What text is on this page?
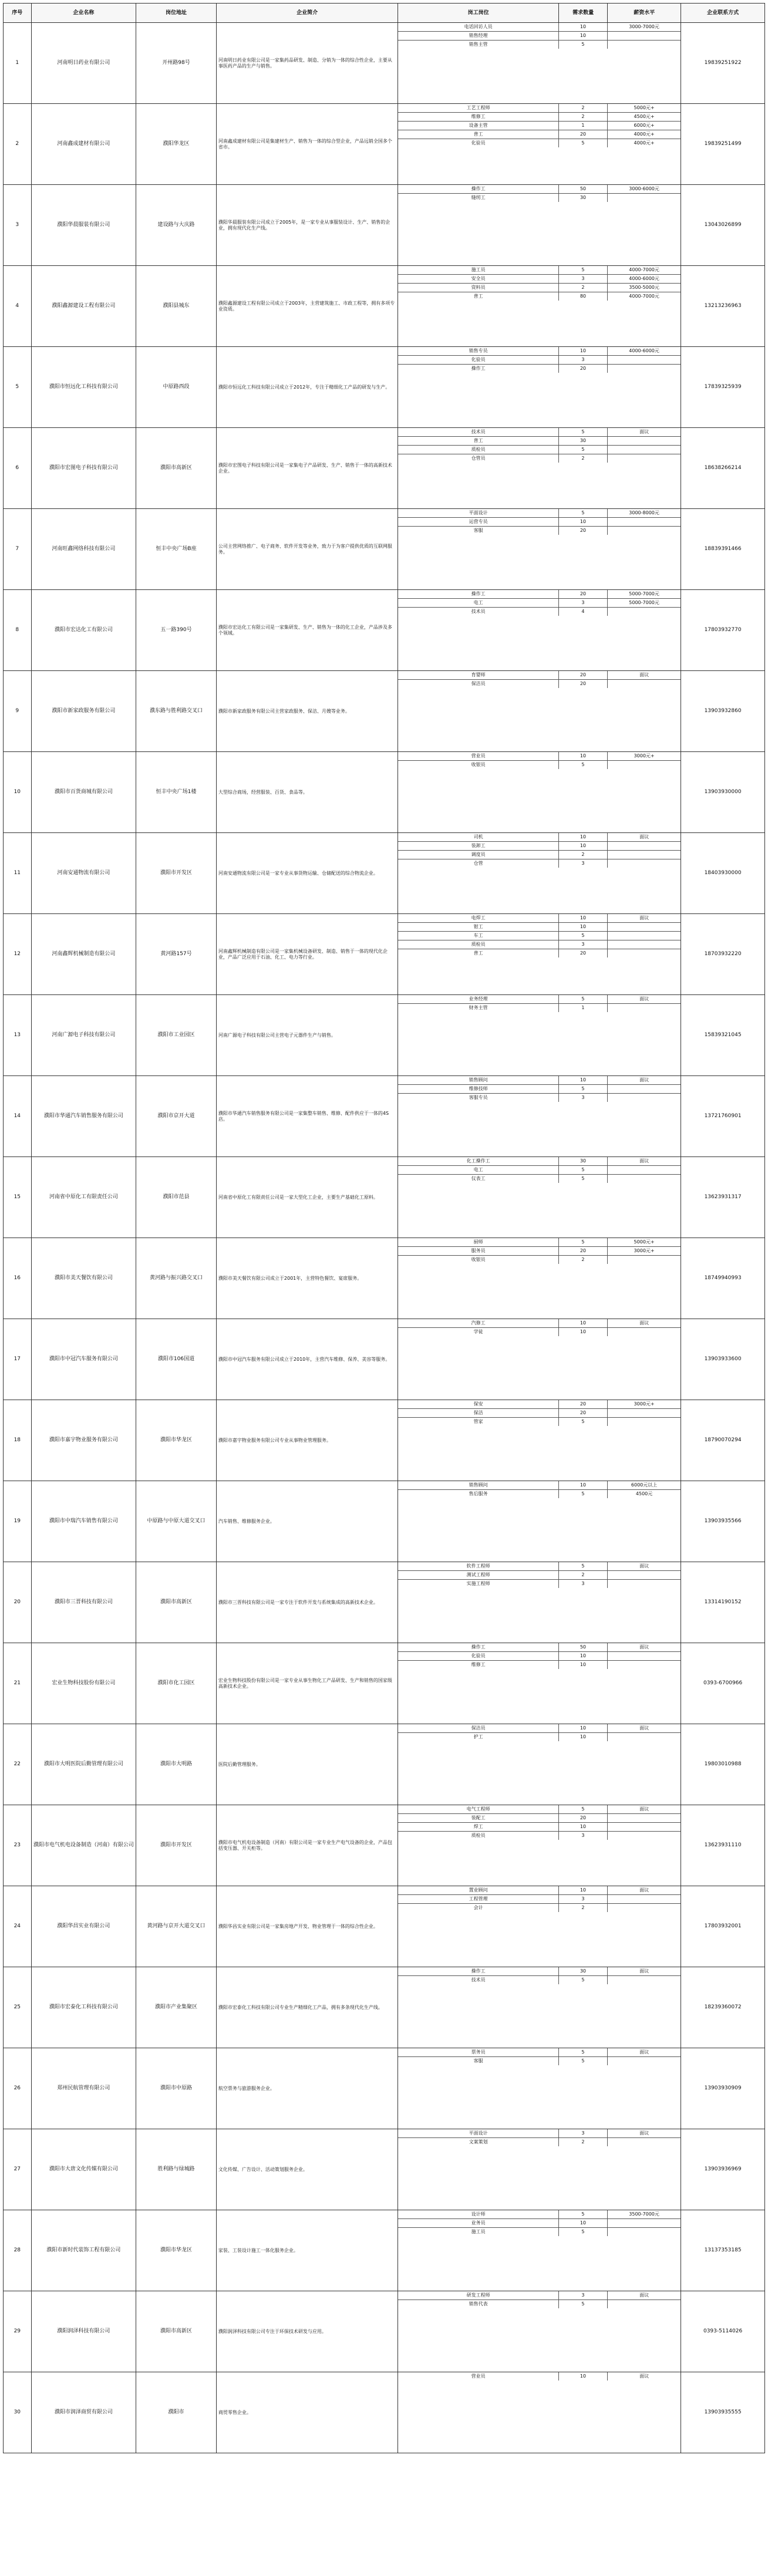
序号	企业名称	岗位地址	企业简介	岗工岗位	需求数量	薪资水平	企业联系方式
1	河南明日药业有限公司	开州路98号	河南明日药业有限公司是一家集药品研发、制造、分销为一体的综合性企业，主要从事医药产品的生产与销售。	
电话回访人员	10	3000-7000元
销售经理	10	
销售主管	5	
	19839251922
2	河南鑫成建材有限公司	濮阳华龙区	河南鑫成建材有限公司是集建材生产、销售为一体的综合型企业，产品远销全国多个省市。	
工艺工程师	2	5000元+
维修工	2	4500元+
设备主管	1	6000元+
普工	20	4000元+
化验员	5	4000元+
		19839251499
3	濮阳华晨服装有限公司	建设路与大庆路	濮阳华晨服装有限公司成立于2005年，是一家专业从事服装设计、生产、销售的企业，拥有现代化生产线。	
操作工	50	3000-6000元
缝纫工	30	
	13043026899
4	濮阳鑫源建设工程有限公司	濮阳县城东	濮阳鑫源建设工程有限公司成立于2003年，主营建筑施工、市政工程等，拥有多项专业资质。	
施工员	5	4000-7000元
安全员	3	4000-6000元
资料员	2	3500-5000元
普工	80	4000-7000元
	13213236963
5	濮阳市恒远化工科技有限公司	中原路西段	濮阳市恒远化工科技有限公司成立于2012年，专注于精细化工产品的研发与生产。	
销售专员	10	4000-6000元
化验员	3	
操作工	20	
	17839325939
6	濮阳市宏图电子科技有限公司	濮阳市高新区	濮阳市宏图电子科技有限公司是一家集电子产品研发、生产、销售于一体的高新技术企业。	
技术员	5	面议
普工	30	
质检员	5	
仓管员	2	
	18638266214
7	河南旺鑫网络科技有限公司	恒丰中央广场B座	公司主营网络推广、电子商务、软件开发等业务，致力于为客户提供优质的互联网服务。	
平面设计	5	3000-8000元
运营专员	10	
客服	20	
	18839391466
8	濮阳市宏达化工有限公司	五一路390号	濮阳市宏达化工有限公司是一家集研发、生产、销售为一体的化工企业，产品涉及多个领域。	
操作工	20	5000-7000元
电工	3	5000-7000元
技术员	4	
	17803932770
9	濮阳市新家政服务有限公司	濮东路与胜利路交叉口	濮阳市新家政服务有限公司主营家政服务、保洁、月嫂等业务。	
育婴师	20	面议
保洁员	20	
	13903932860
10	濮阳市百货商城有限公司	恒丰中央广场1楼	大型综合商场，经营服装、百货、食品等。	
营业员	10	3000元+
收银员	5	
	13903930000
11	河南安通物流有限公司	濮阳市开发区	河南安通物流有限公司是一家专业从事货物运输、仓储配送的综合物流企业。	
司机	10	面议
装卸工	10	
调度员	2	
仓管	3	
	18403930000
12	河南鑫辉机械制造有限公司	黄河路157号	河南鑫辉机械制造有限公司是一家集机械设备研发、制造、销售于一体的现代化企业，产品广泛应用于石油、化工、电力等行业。	
电焊工	10	面议
钳工	10	
车工	5	
质检员	3	
普工	20	
		18703932220
13	河南广源电子科技有限公司	濮阳市工业园区	河南广源电子科技有限公司主营电子元器件生产与销售。	
业务经理	5	面议
财务主管	1	
	15839321045
14	濮阳市华通汽车销售服务有限公司	濮阳市京开大道	濮阳市华通汽车销售服务有限公司是一家集整车销售、维修、配件供应于一体的4S店。	
销售顾问	10	面议
维修技师	5	
客服专员	3	
	13721760901
15	河南省中原化工有限责任公司	濮阳市范县	河南省中原化工有限责任公司是一家大型化工企业，主要生产基础化工原料。	
化工操作工	30	面议
电工	5	
仪表工	5	
	13623931317
16	濮阳市美天餐饮有限公司	黄河路与振兴路交叉口	濮阳市美天餐饮有限公司成立于2001年，主营特色餐饮、宴席服务。	
厨师	5	5000元+
服务员	20	3000元+
收银员	2	
	18749940993
17	濮阳市中冠汽车服务有限公司	濮阳市106国道	濮阳市中冠汽车服务有限公司成立于2010年，主营汽车维修、保养、美容等服务。	
汽修工	10	面议
学徒	10	
	13903933600
18	濮阳市嘉宇物业服务有限公司	濮阳市华龙区	濮阳市嘉宇物业服务有限公司专业从事物业管理服务。	
保安	20	3000元+
保洁	20	
管家	5	
	18790070294
19	濮阳市中瑞汽车销售有限公司	中原路与中原大道交叉口	汽车销售、维修服务企业。	
销售顾问	10	6000元以上
售后服务	5	4500元
	13903935566
20	濮阳市三晋科技有限公司	濮阳市高新区	濮阳市三晋科技有限公司是一家专注于软件开发与系统集成的高新技术企业。	
软件工程师	5	面议
测试工程师	2	
实施工程师	3	
	13314190152
21	宏业生物科技股份有限公司	濮阳市化工园区	宏业生物科技股份有限公司是一家专业从事生物化工产品研发、生产和销售的国家级高新技术企业。	
操作工	50	面议
化验员	10	
维修工	10	
	0393-6700966
22	濮阳市大明医院后勤管理有限公司	濮阳市大明路	医院后勤管理服务。	
保洁员	10	面议
护工	10	
	19803010988
23	濮阳市电气机电设备制造（河南）有限公司	濮阳市开发区	濮阳市电气机电设备制造（河南）有限公司是一家专业生产电气设备的企业，产品包括变压器、开关柜等。	
电气工程师	5	面议
装配工	20	
焊工	10	
质检员	3	
	13623931110
24	濮阳华昌实业有限公司	黄河路与京开大道交叉口	濮阳华昌实业有限公司是一家集房地产开发、物业管理于一体的综合性企业。	
置业顾问	10	面议
工程管理	3	
会计	2	
	17803932001
25	濮阳市宏泰化工科技有限公司	濮阳市产业集聚区	濮阳市宏泰化工科技有限公司专业生产精细化工产品，拥有多条现代化生产线。	
操作工	30	面议
技术员	5	
	18239360072
26	郑州民航管理有限公司	濮阳市中原路	航空票务与旅游服务企业。	
票务员	5	面议
客服	5	
	13903930909
27	濮阳市大唐文化传媒有限公司	胜利路与绿城路	文化传媒、广告设计、活动策划服务企业。	
平面设计	3	面议
文案策划	2	
	13903936969
28	濮阳市新时代装饰工程有限公司	濮阳市华龙区	家装、工装设计施工一体化服务企业。	
设计师	5	3500-7000元
业务员	10	
施工员	5	
	13137353185
29	濮阳润泽科技有限公司	濮阳市高新区	濮阳润泽科技有限公司专注于环保技术研发与应用。	
研发工程师	3	面议
销售代表	5	
	0393-5114026
30	濮阳市润泽商贸有限公司	濮阳市	商贸零售企业。	
营业员	10	面议
	13903935555
